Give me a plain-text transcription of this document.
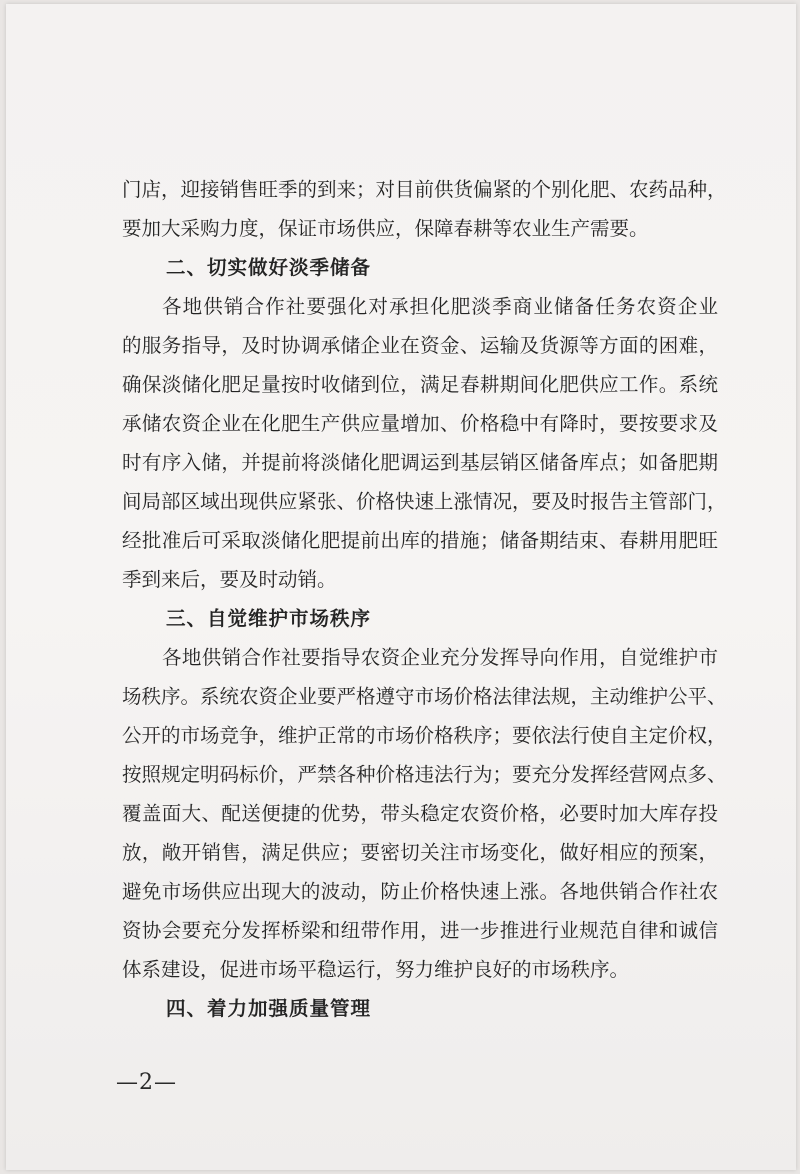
门店，迎接销售旺季的到来；对目前供货偏紧的个别化肥、农药品种，
要加大采购力度，保证市场供应，保障春耕等农业生产需要。
二、切实做好淡季储备
各地供销合作社要强化对承担化肥淡季商业储备任务农资企业
的服务指导，及时协调承储企业在资金、运输及货源等方面的困难，
确保淡储化肥足量按时收储到位，满足春耕期间化肥供应工作。系统
承储农资企业在化肥生产供应量增加、价格稳中有降时，要按要求及
时有序入储，并提前将淡储化肥调运到基层销区储备库点；如备肥期
间局部区域出现供应紧张、价格快速上涨情况，要及时报告主管部门，
经批准后可采取淡储化肥提前出库的措施；储备期结束、春耕用肥旺
季到来后，要及时动销。
三、自觉维护市场秩序
各地供销合作社要指导农资企业充分发挥导向作用，自觉维护市
场秩序。系统农资企业要严格遵守市场价格法律法规，主动维护公平、
公开的市场竞争，维护正常的市场价格秩序；要依法行使自主定价权，
按照规定明码标价，严禁各种价格违法行为；要充分发挥经营网点多、
覆盖面大、配送便捷的优势，带头稳定农资价格，必要时加大库存投
放，敞开销售，满足供应；要密切关注市场变化，做好相应的预案，
避免市场供应出现大的波动，防止价格快速上涨。各地供销合作社农
资协会要充分发挥桥梁和纽带作用，进一步推进行业规范自律和诚信
体系建设，促进市场平稳运行，努力维护良好的市场秩序。
四、着力加强质量管理
—2—
